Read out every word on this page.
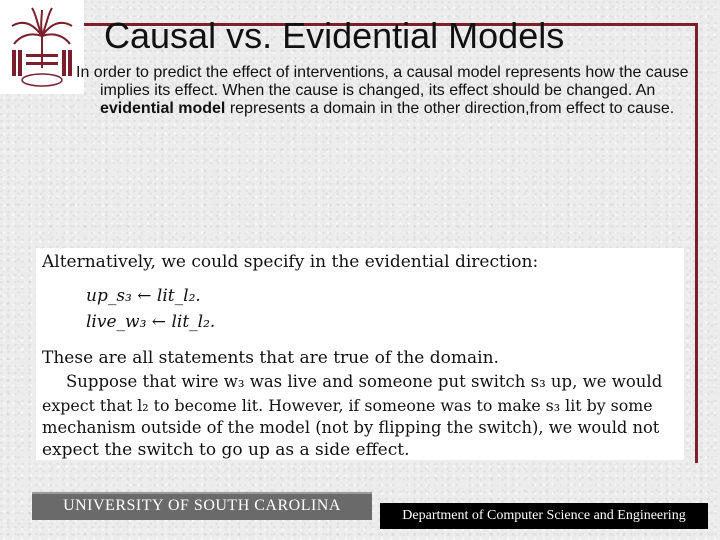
Causal vs. Evidential Models
In order to predict the effect of interventions, a causal model represents how the cause implies its effect. When the cause is changed, its effect should be changed. An evidential model represents a domain in the other direction,from effect to cause.
Alternatively, we could specify in the evidential direction:
up_s₃ ← lit_l₂.
live_w₃ ← lit_l₂.
These are all statements that are true of the domain.
Suppose that wire w₃ was live and someone put switch s₃ up, we would
expect that l₂ to become lit. However, if someone was to make s₃ lit by some
mechanism outside of the model (not by flipping the switch), we would not
expect the switch to go up as a side effect.
UNIVERSITY OF SOUTH CAROLINA
Department of Computer Science and Engineering
